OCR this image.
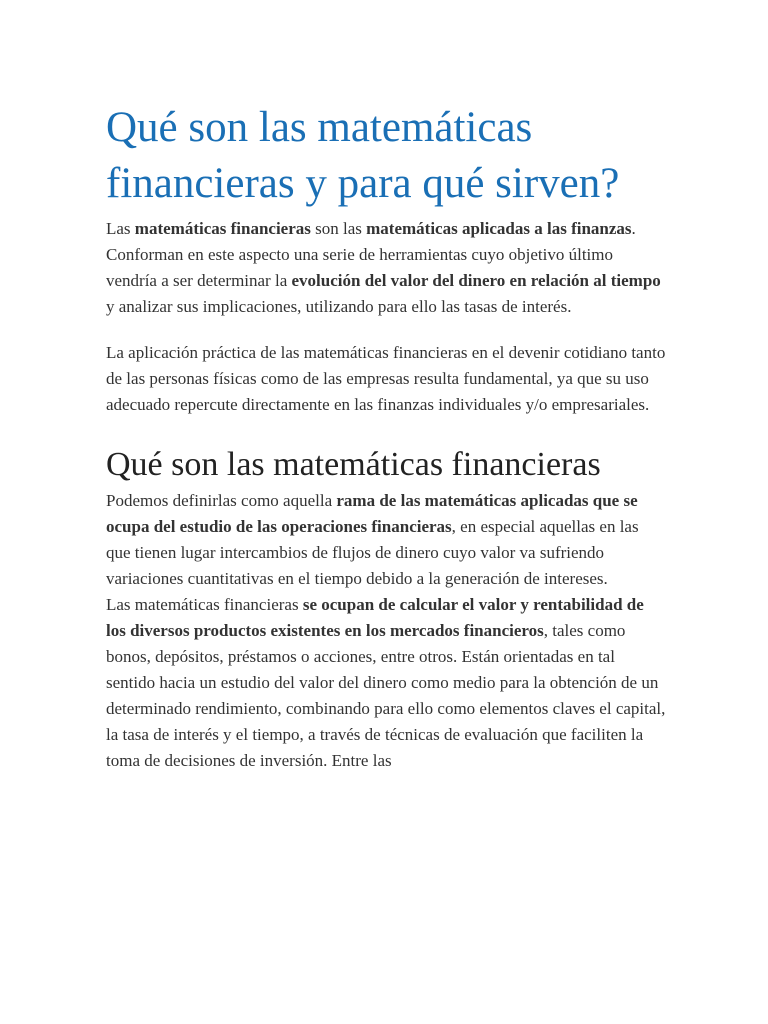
Qué son las matemáticas financieras y para qué sirven?

Las matemáticas financieras son las matemáticas aplicadas a las finanzas. Conforman en este aspecto una serie de herramientas cuyo objetivo último vendría a ser determinar la evolución del valor del dinero en relación al tiempo y analizar sus implicaciones, utilizando para ello las tasas de interés.

La aplicación práctica de las matemáticas financieras en el devenir cotidiano tanto de las personas físicas como de las empresas resulta fundamental, ya que su uso adecuado repercute directamente en las finanzas individuales y/o empresariales.

Qué son las matemáticas financieras

Podemos definirlas como aquella rama de las matemáticas aplicadas que se ocupa del estudio de las operaciones financieras, en especial aquellas en las que tienen lugar intercambios de flujos de dinero cuyo valor va sufriendo variaciones cuantitativas en el tiempo debido a la generación de intereses.

Las matemáticas financieras se ocupan de calcular el valor y rentabilidad de los diversos productos existentes en los mercados financieros, tales como bonos, depósitos, préstamos o acciones, entre otros. Están orientadas en tal sentido hacia un estudio del valor del dinero como medio para la obtención de un determinado rendimiento, combinando para ello como elementos claves el capital, la tasa de interés y el tiempo, a través de técnicas de evaluación que faciliten la toma de decisiones de inversión. Entre las
